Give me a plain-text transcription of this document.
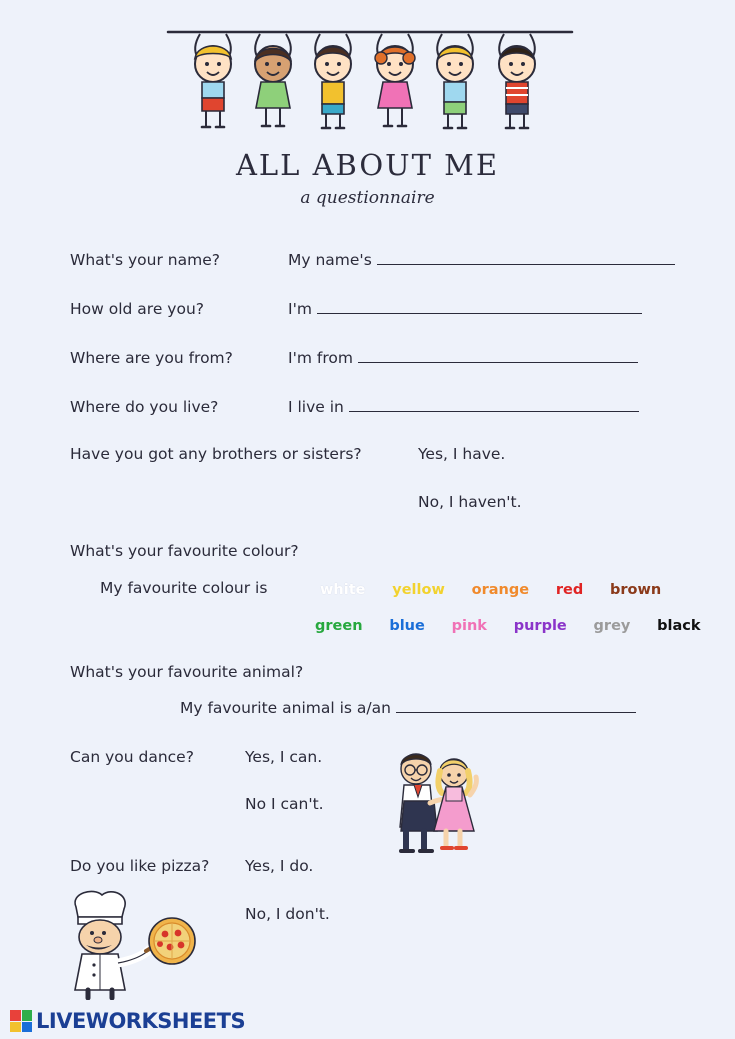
ALL ABOUT ME
a questionnaire
What's your name?	My name's
How old are you?	I'm
Where are you from?	I'm from
Where do you live?	I live in
Have you got any brothers or sisters?	Yes, I have.
No, I haven't.
What's your favourite colour?
My favourite colour is	white yellow orange red brown
green blue pink purple grey black
What's your favourite animal?
My favourite animal is a/an
Can you dance?	Yes, I can.
No I can't.
Do you like pizza? Yes, I do.
No, I don't.
LIVEWORKSHEETS
